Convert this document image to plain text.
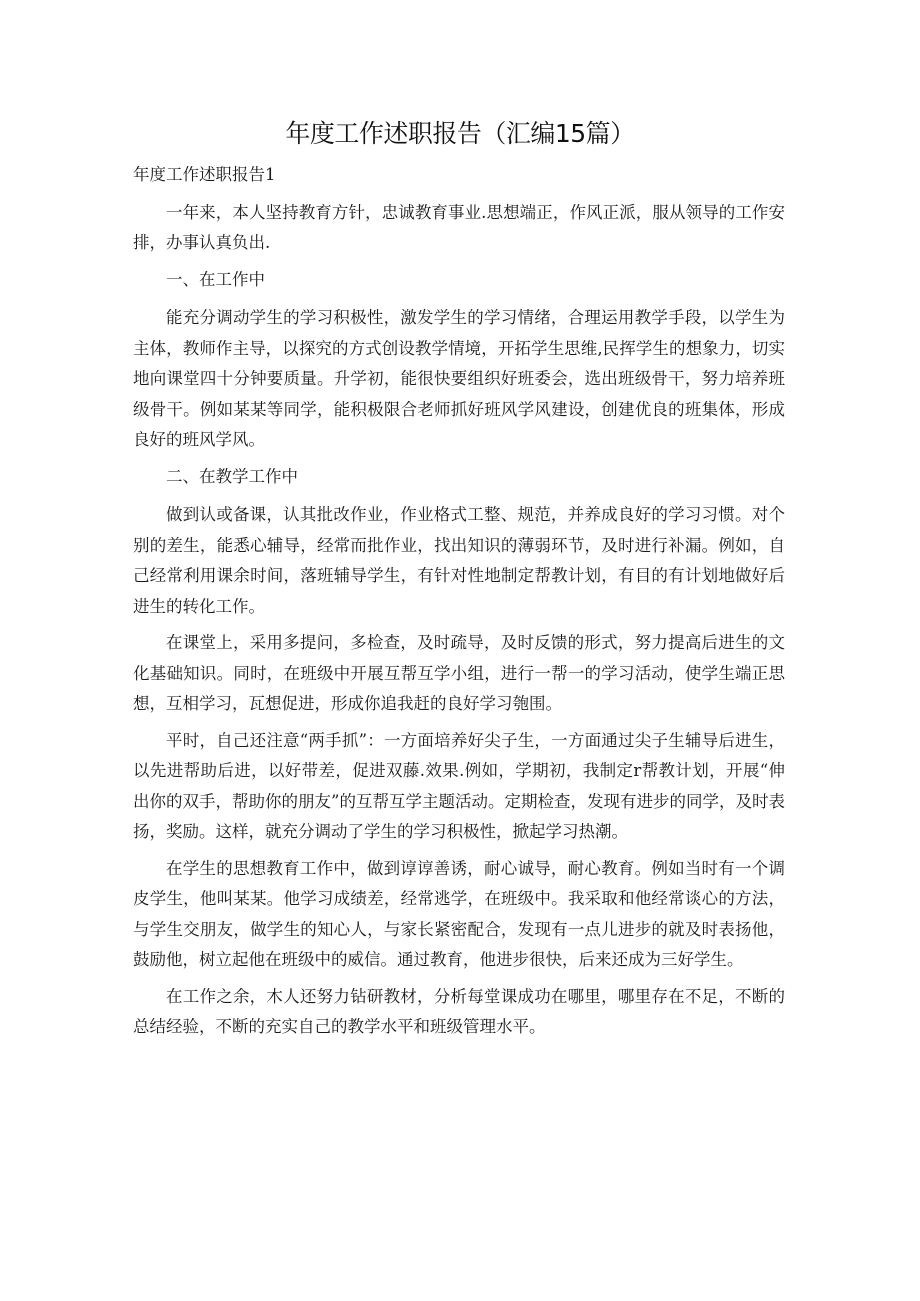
年度工作述职报告（汇编15篇）

年度工作述职报告1

一年来，本人坚持教育方针，忠诚教育事业.思想端正，作风正派，服从领导的工作安排，办事认真负出.

一、在工作中

能充分调动学生的学习积极性，激发学生的学习情绪，合理运用教学手段，以学生为主体，教师作主导，以探究的方式创设教学情境，开拓学生思维,民挥学生的想象力，切实地向课堂四十分钟要质量。升学初，能很快要组织好班委会，选出班级骨干，努力培养班级骨干。例如某某等同学，能积极限合老师抓好班风学风建设，创建优良的班集体，形成良好的班风学风。

二、在教学工作中

做到认或备课，认其批改作业，作业格式工整、规范，并养成良好的学习习惯。对个别的差生，能悉心辅导，经常而批作业，找出知识的薄弱环节，及时进行补漏。例如，自己经常利用课余时间，落班辅导学生，有针对性地制定帮教计划，有目的有计划地做好后进生的转化工作。

在课堂上，采用多提问，多检查，及时疏导，及时反馈的形式，努力提高后进生的文化基础知识。同时，在班级中开展互帮互学小组，进行一帮一的学习活动，使学生端正思想，互相学习，瓦想促进，形成你追我赶的良好学习匏围。

平时，自己还注意“两手抓”：一方面培养好尖子生，一方面通过尖子生辅导后进生，以先进帮助后进，以好带差，促进双藤.效果.例如，学期初，我制定r帮教计划，开展“伸出你的双手，帮助你的朋友”的互帮互学主题活动。定期检查，发现有进步的同学，及时表扬，奖励。这样，就充分调动了学生的学习积极性，掀起学习热潮。

在学生的思想教育工作中，做到谆谆善诱，耐心诚导，耐心教育。例如当时有一个调皮学生，他叫某某。他学习成绩差，经常逃学，在班级中。我采取和他经常谈心的方法，与学生交朋友，做学生的知心人，与家长紧密配合，发现有一点儿进步的就及时表扬他，鼓励他，树立起他在班级中的威信。通过教育，他进步很快，后来还成为三好学生。

在工作之余，木人还努力钻研教材，分析每堂课成功在哪里，哪里存在不足，不断的总结经验，不断的充实自己的教学水平和班级管理水平。
